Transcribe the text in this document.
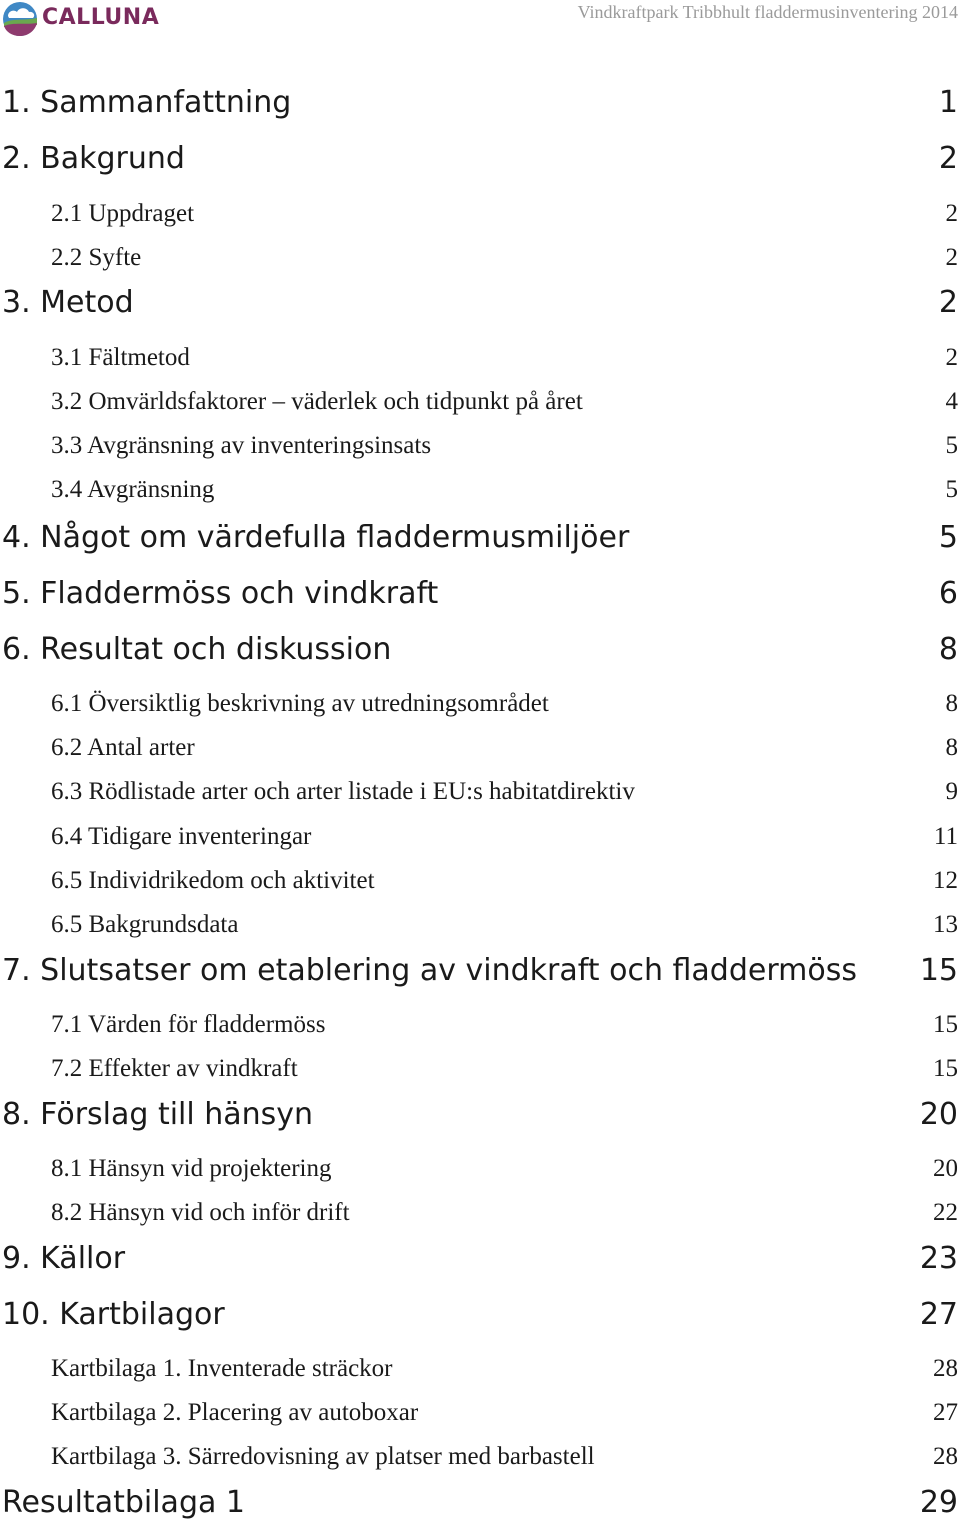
CALLUNA	Vindkraftpark Tribbhult fladdermusinventering 2014
1. Sammanfattning	1
2. Bakgrund	2
2.1 Uppdraget	2
2.2 Syfte	2
3. Metod	2
3.1 Fältmetod	2
3.2 Omvärldsfaktorer – väderlek och tidpunkt på året	4
3.3 Avgränsning av inventeringsinsats	5
3.4 Avgränsning	5
4. Något om värdefulla fladdermusmiljöer	5
5. Fladdermöss och vindkraft	6
6. Resultat och diskussion	8
6.1 Översiktlig beskrivning av utredningsområdet	8
6.2 Antal arter	8
6.3 Rödlistade arter och arter listade i EU:s habitatdirektiv	9
6.4 Tidigare inventeringar	11
6.5 Individrikedom och aktivitet	12
6.5 Bakgrundsdata	13
7. Slutsatser om etablering av vindkraft och fladdermöss 15
7.1 Värden för fladdermöss	15
7.2 Effekter av vindkraft	15
8. Förslag till hänsyn	20
8.1 Hänsyn vid projektering	20
8.2 Hänsyn vid och inför drift	22
9. Källor	23
10. Kartbilagor	27
Kartbilaga 1. Inventerade sträckor	28
Kartbilaga 2. Placering av autoboxar	27
Kartbilaga 3. Särredovisning av platser med barbastell	28
Resultatbilaga 1	29
